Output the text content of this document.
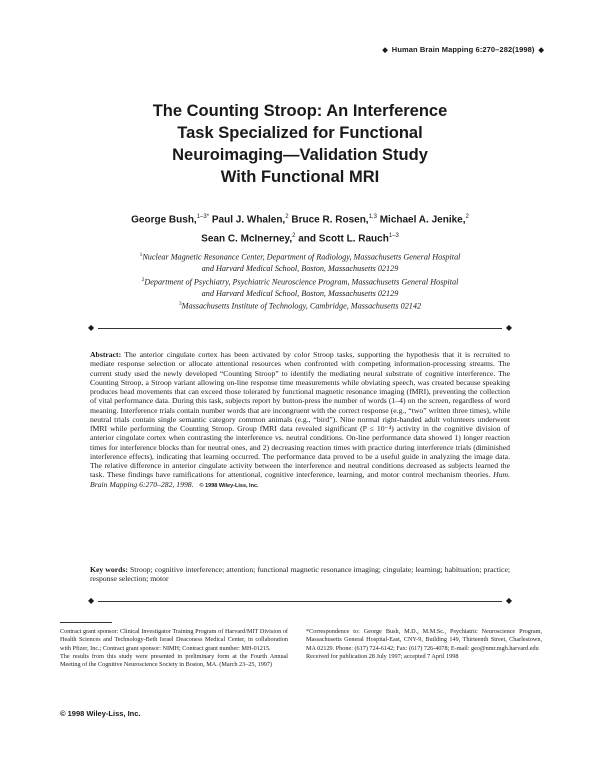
◆ Human Brain Mapping 6:270–282(1998) ◆
The Counting Stroop: An Interference
Task Specialized for Functional
Neuroimaging—Validation Study
With Functional MRI
George Bush,$^{1-3*}$ Paul J. Whalen,$^2$ Bruce R. Rosen,$^{1,3}$ Michael A. Jenike,$^2$
Sean C. McInerney,$^2$ and Scott L. Rauch$^{1-3}$
$^1$Nuclear Magnetic Resonance Center, Department of Radiology, Massachusetts General Hospital
and Harvard Medical School, Boston, Massachusetts 02129
$^2$Department of Psychiatry, Psychiatric Neuroscience Program, Massachusetts General Hospital
and Harvard Medical School, Boston, Massachusetts 02129
$^3$Massachusetts Institute of Technology, Cambridge, Massachusetts 02142
◆	◆
Abstract: The anterior cingulate cortex has been activated by color Stroop tasks, supporting the hypothesis that it is recruited to mediate response selection or allocate attentional resources when confronted with competing information-processing streams. The current study used the newly developed “Counting Stroop” to identify the mediating neural substrate of cognitive interference. The Counting Stroop, a Stroop variant allowing on-line response time measurements while obviating speech, was created because speaking produces head movements that can exceed those tolerated by functional magnetic resonance imaging (fMRI), preventing the collection of vital performance data. During this task, subjects report by button-press the number of words (1–4) on the screen, regardless of word meaning. Interference trials contain number words that are incongruent with the correct response (e.g., “two” written three times), while neutral trials contain single semantic category common animals (e.g., “bird”). Nine normal right-handed adult volunteers underwent fMRI while performing the Counting Stroop. Group fMRI data revealed significant (P ≤ 10⁻⁴) activity in the cognitive division of anterior cingulate cortex when contrasting the interference vs. neutral conditions. On-line performance data showed 1) longer reaction times for interference blocks than for neutral ones, and 2) decreasing reaction times with practice during interference trials (diminished interference effects), indicating that learning occurred. The performance data proved to be a useful guide in analyzing the image data. The relative difference in anterior cingulate activity between the interference and neutral conditions decreased as subjects learned the task. These findings have ramifications for attentional, cognitive interference, learning, and motor control mechanism theories. Hum. Brain Mapping 6:270–282, 1998. © 1998 Wiley-Liss, Inc.
Key words: Stroop; cognitive interference; attention; functional magnetic resonance imaging; cingulate; learning; habituation; practice; response selection; motor
◆	◆

Contract grant sponsor: Clinical Investigator Training Program of Harvard/MIT Division of Health Sciences and Technology-Beth Israel Deaconess Medical Center, in collaboration with Pfizer, Inc.; Contract grant sponsor: NIMH; Contract grant number: MH-01215.

The results from this study were presented in preliminary form at the Fourth Annual Meeting of the Cognitive Neuroscience Society in Boston, MA. (March 23–25, 1997)

*Correspondence to: George Bush, M.D., M.M.Sc., Psychiatric Neuroscience Program, Massachusetts General Hospital-East, CNY-9, Building 149, Thirteenth Street, Charlestown, MA 02129. Phone: (617) 724-6142; Fax: (617) 726-4078; E-mail: geo@nmr.mgh.harvard.edu

Received for publication 28 July 1997; accepted 7 April 1998

© 1998 Wiley-Liss, Inc.
